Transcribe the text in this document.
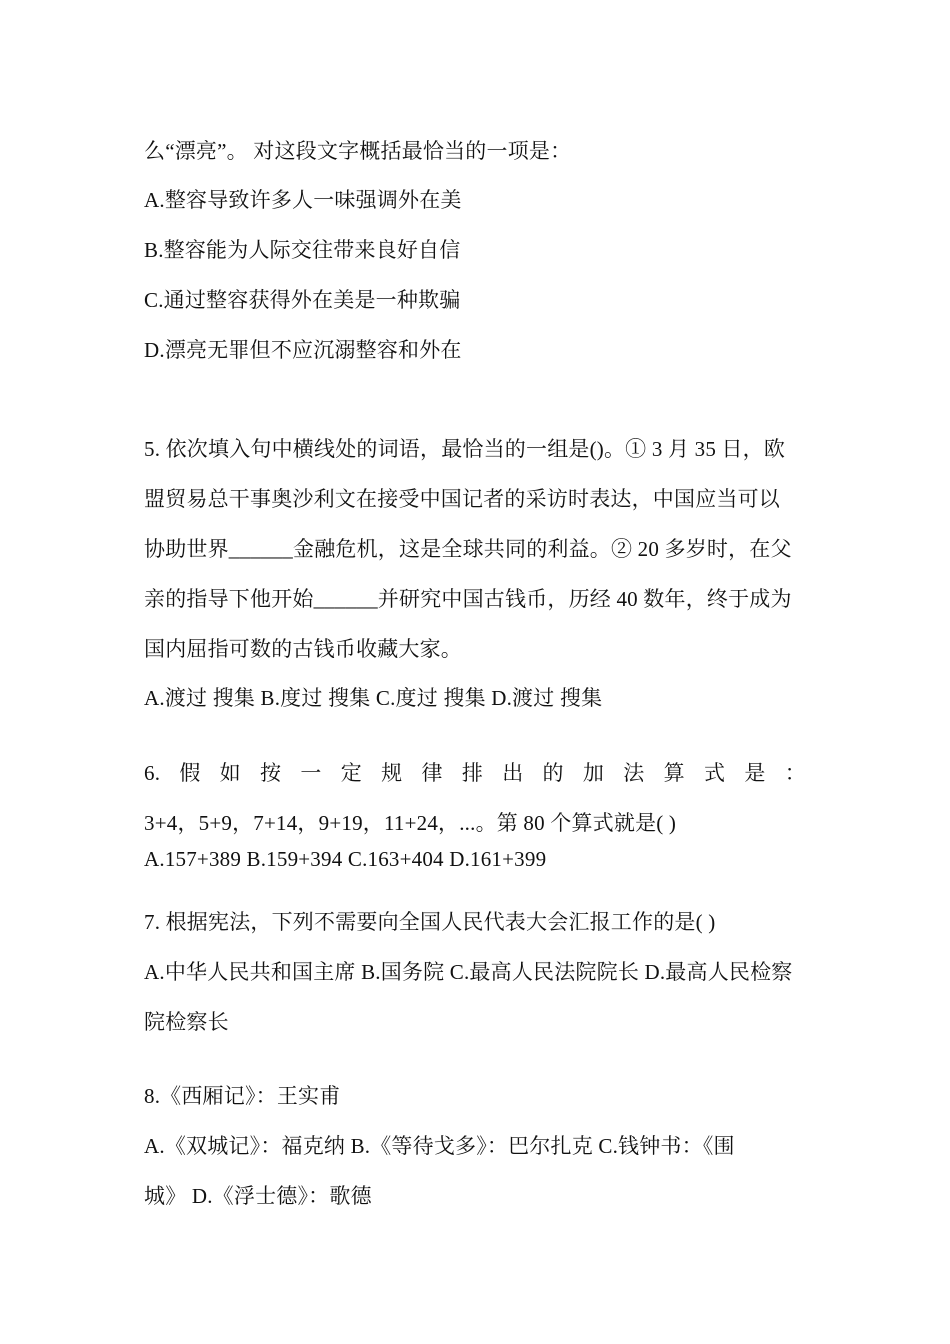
么“漂亮”。 对这段文字概括最恰当的一项是：
A.整容导致许多人一味强调外在美
B.整容能为人际交往带来良好自信
C.通过整容获得外在美是一种欺骗
D.漂亮无罪但不应沉溺整容和外在
5. 依次填入句中横线处的词语，最恰当的一组是()。① 3 月 35 日，欧
盟贸易总干事奥沙利文在接受中国记者的采访时表达，中国应当可以
协助世界______金融危机，这是全球共同的利益。② 20 多岁时，在父
亲的指导下他开始______并研究中国古钱币，历经 40 数年，终于成为
国内屈指可数的古钱币收藏大家。
A.渡过 搜集 B.度过 搜集 C.度过 搜集 D.渡过 搜集
6. 假 如 按 一 定 规 律 排 出 的 加 法 算 式 是 ：
3+4，5+9，7+14，9+19，11+24，...。第 80 个算式就是( )
A.157+389 B.159+394 C.163+404 D.161+399
7. 根据宪法，下列不需要向全国人民代表大会汇报工作的是( )
A.中华人民共和国主席 B.国务院 C.最高人民法院院长 D.最高人民检察
院检察长
8.《西厢记》：王实甫
A.《双城记》：福克纳 B.《等待戈多》：巴尔扎克 C.钱钟书：《围
城》 D.《浮士德》：歌德
